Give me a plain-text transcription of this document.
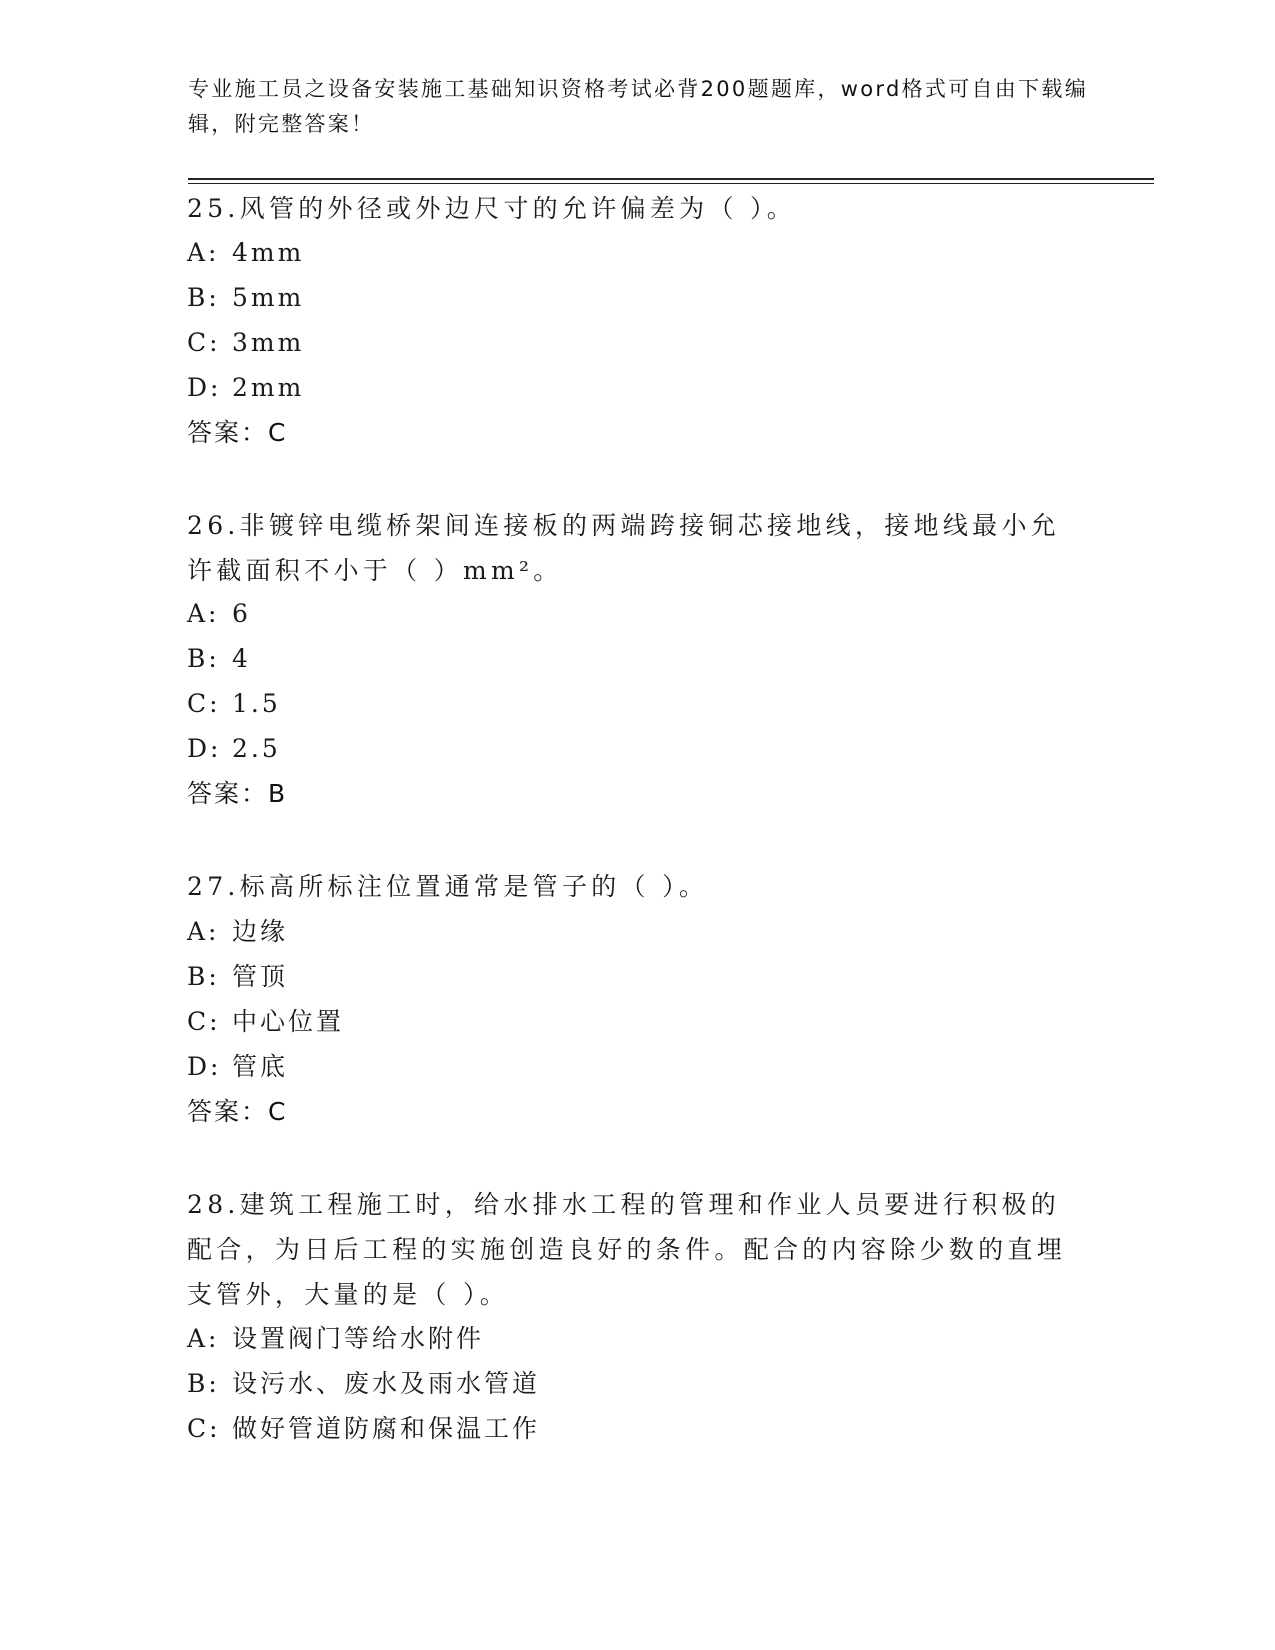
专业施工员之设备安装施工基础知识资格考试必背200题题库，word格式可自由下载编辑，附完整答案！
25.风管的外径或外边尺寸的允许偏差为（ ）。
A: 4mm
B: 5mm
C: 3mm
D: 2mm
答案：C
26.非镀锌电缆桥架间连接板的两端跨接铜芯接地线，接地线最小允许截面积不小于（ ）mm²。
A: 6
B: 4
C: 1.5
D: 2.5
答案：B
27.标高所标注位置通常是管子的（ ）。
A: 边缘
B: 管顶
C: 中心位置
D: 管底
答案：C
28.建筑工程施工时，给水排水工程的管理和作业人员要进行积极的配合，为日后工程的实施创造良好的条件。配合的内容除少数的直埋支管外，大量的是（ ）。
A: 设置阀门等给水附件
B: 设污水、废水及雨水管道
C: 做好管道防腐和保温工作
